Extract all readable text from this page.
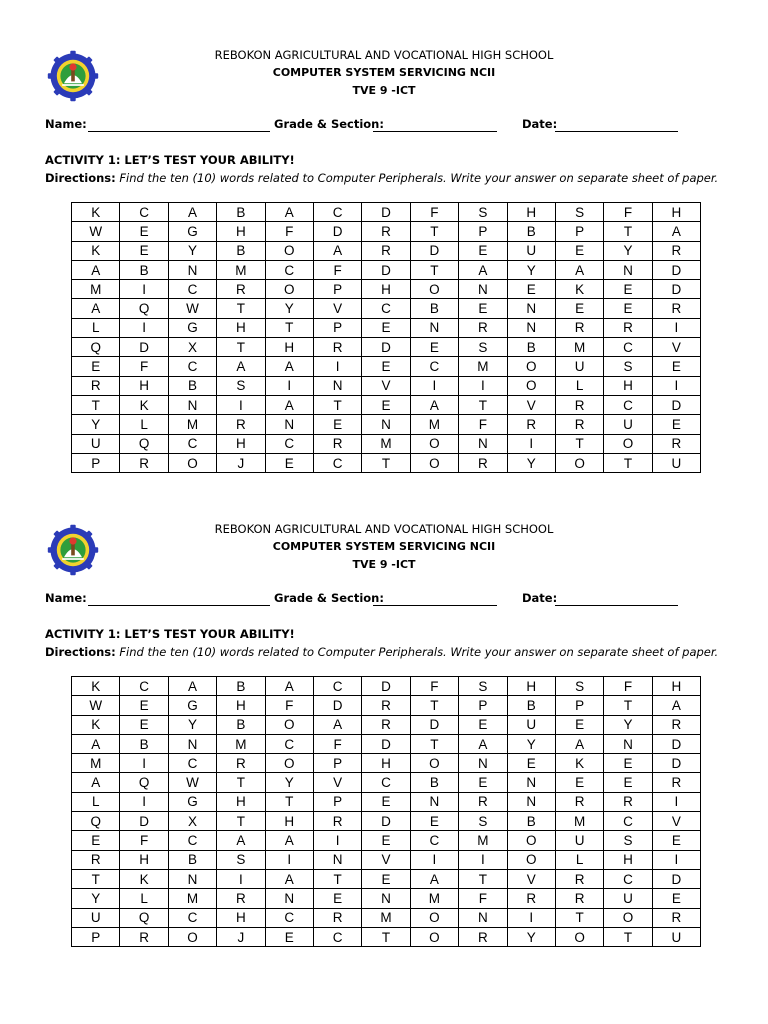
REBOKON AGRICULTURAL AND VOCATIONAL HIGH SCHOOL
COMPUTER SYSTEM SERVICING NCII
TVE 9 -ICT
Name:	Grade & Section:	Date:
ACTIVITY 1: LET’S TEST YOUR ABILITY!
Directions: Find the ten (10) words related to Computer Peripherals. Write your answer on separate sheet of paper.
K	C	A	B	A	C	D	F	S	H	S	F	H
W	E	G	H	F	D	R	T	P	B	P	T	A
K	E	Y	B	O	A	R	D	E	U	E	Y	R
A	B	N	M	C	F	D	T	A	Y	A	N	D
M	I	C	R	O	P	H	O	N	E	K	E	D
A	Q	W	T	Y	V	C	B	E	N	E	E	R
L	I	G	H	T	P	E	N	R	N	R	R	I
Q	D	X	T	H	R	D	E	S	B	M	C	V
E	F	C	A	A	I	E	C	M	O	U	S	E
R	H	B	S	I	N	V	I	I	O	L	H	I
T	K	N	I	A	T	E	A	T	V	R	C	D
Y	L	M	R	N	E	N	M	F	R	R	U	E
U	Q	C	H	C	R	M	O	N	I	T	O	R
P	R	O	J	E	C	T	O	R	Y	O	T	U
REBOKON AGRICULTURAL AND VOCATIONAL HIGH SCHOOL
COMPUTER SYSTEM SERVICING NCII
TVE 9 -ICT
Name:	Grade & Section:	Date:
ACTIVITY 1: LET’S TEST YOUR ABILITY!
Directions: Find the ten (10) words related to Computer Peripherals. Write your answer on separate sheet of paper.
K	C	A	B	A	C	D	F	S	H	S	F	H
W	E	G	H	F	D	R	T	P	B	P	T	A
K	E	Y	B	O	A	R	D	E	U	E	Y	R
A	B	N	M	C	F	D	T	A	Y	A	N	D
M	I	C	R	O	P	H	O	N	E	K	E	D
A	Q	W	T	Y	V	C	B	E	N	E	E	R
L	I	G	H	T	P	E	N	R	N	R	R	I
Q	D	X	T	H	R	D	E	S	B	M	C	V
E	F	C	A	A	I	E	C	M	O	U	S	E
R	H	B	S	I	N	V	I	I	O	L	H	I
T	K	N	I	A	T	E	A	T	V	R	C	D
Y	L	M	R	N	E	N	M	F	R	R	U	E
U	Q	C	H	C	R	M	O	N	I	T	O	R
P	R	O	J	E	C	T	O	R	Y	O	T	U
